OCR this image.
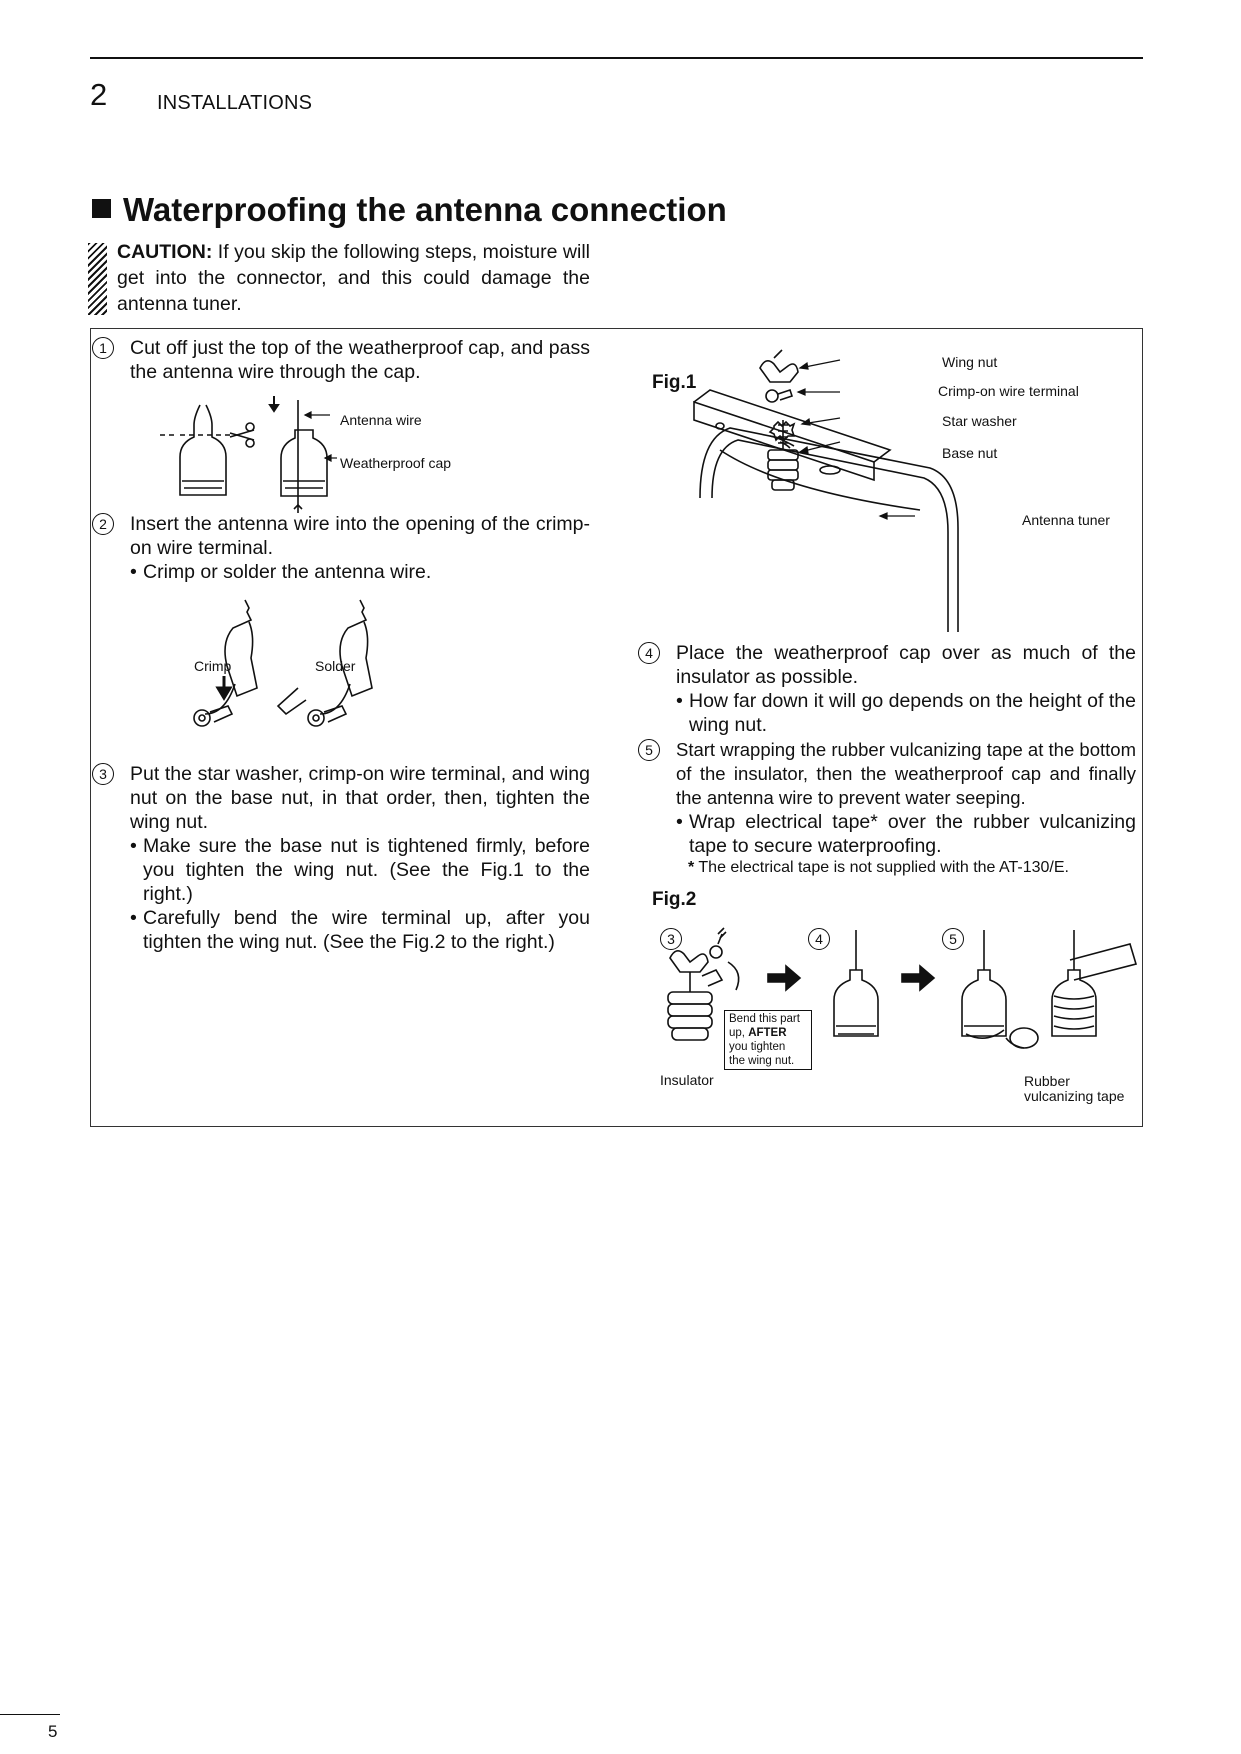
2 INSTALLATIONS
Waterproofing the antenna connection
CAUTION: If you skip the following steps, moisture will get into the connector, and this could damage the antenna tuner.
1	Cut off just the top of the weatherproof cap, and pass the antenna wire through the cap.
Antenna wire
Weatherproof cap
2	Insert the antenna wire into the opening of the crimp-on wire terminal.
• Crimp or solder the antenna wire.
Crimp	Solder
3	Put the star washer, crimp-on wire terminal, and wing nut on the base nut, in that order, then, tighten the wing nut.
• Make sure the base nut is tightened firmly, before you tighten the wing nut. (See the Fig.1 to the right.)
• Carefully bend the wire terminal up, after you tighten the wing nut. (See the Fig.2 to the right.)
Fig.1
Wing nut
Crimp-on wire terminal
Star washer
Base nut
Antenna tuner
4	Place the weatherproof cap over as much of the insulator as possible.
• How far down it will go depends on the height of the wing nut.
5	Start wrapping the rubber vulcanizing tape at the bottom of the insulator, then the weatherproof cap and finally the antenna wire to prevent water seeping.
• Wrap electrical tape* over the rubber vulcanizing tape to secure waterproofing.
* The electrical tape is not supplied with the AT-130/E.
Fig.2
3	4	5
Bend this part
up, AFTER
you tighten
the wing nut.
Insulator	Rubber
vulcanizing tape
5
